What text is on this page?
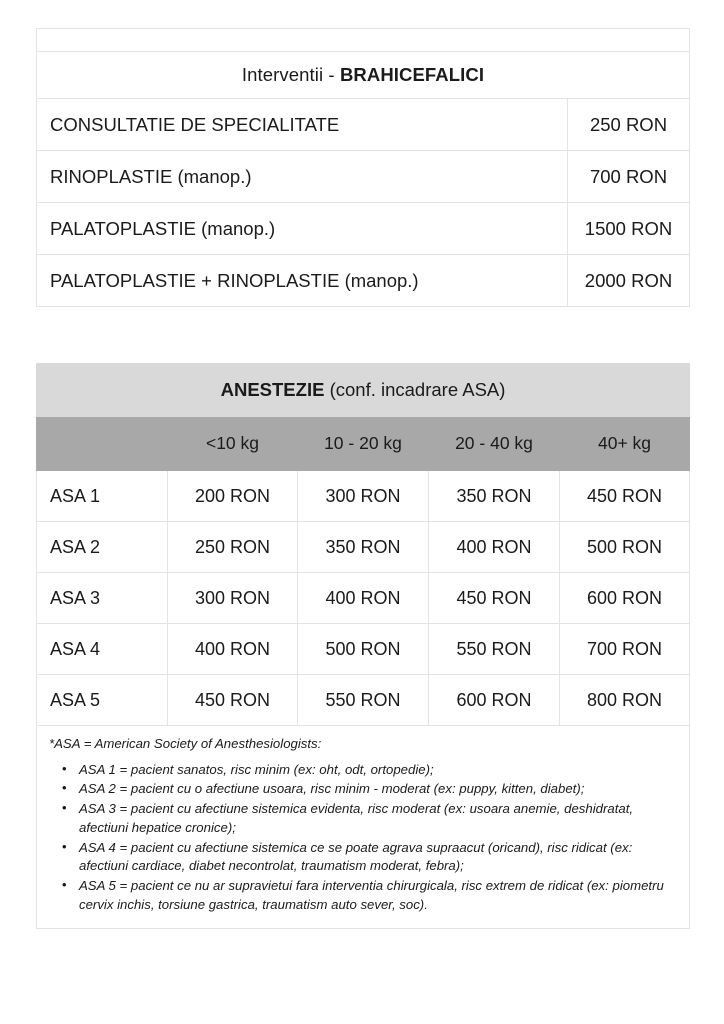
Interventii - BRAHICEFALICI	
CONSULTATIE DE SPECIALITATE	250 RON
RINOPLASTIE (manop.)	700 RON
PALATOPLASTIE (manop.)	1500 RON
PALATOPLASTIE + RINOPLASTIE (manop.)	2000 RON
ANESTEZIE (conf. incadrare ASA)				
	<10 kg	10 - 20 kg	20 - 40 kg	40+ kg
ASA 1	200 RON	300 RON	350 RON	450 RON
ASA 2	250 RON	350 RON	400 RON	500 RON
ASA 3	300 RON	400 RON	450 RON	600 RON
ASA 4	400 RON	500 RON	550 RON	700 RON
ASA 5	450 RON	550 RON	600 RON	800 RON

*ASA = American Society of Anesthesiologists:

• ASA 1 = pacient sanatos, risc minim (ex: oht, odt, ortopedie);
• ASA 2 = pacient cu o afectiune usoara, risc minim - moderat (ex: puppy, kitten, diabet);
• ASA 3 = pacient cu afectiune sistemica evidenta, risc moderat (ex: usoara anemie, deshidratat, afectiuni hepatice cronice);
• ASA 4 = pacient cu afectiune sistemica ce se poate agrava supraacut (oricand), risc ridicat (ex: afectiuni cardiace, diabet necontrolat, traumatism moderat, febra);
• ASA 5 = pacient ce nu ar supravietui fara interventia chirurgicala, risc extrem de ridicat (ex: piometru cervix inchis, torsiune gastrica, traumatism auto sever, soc).
